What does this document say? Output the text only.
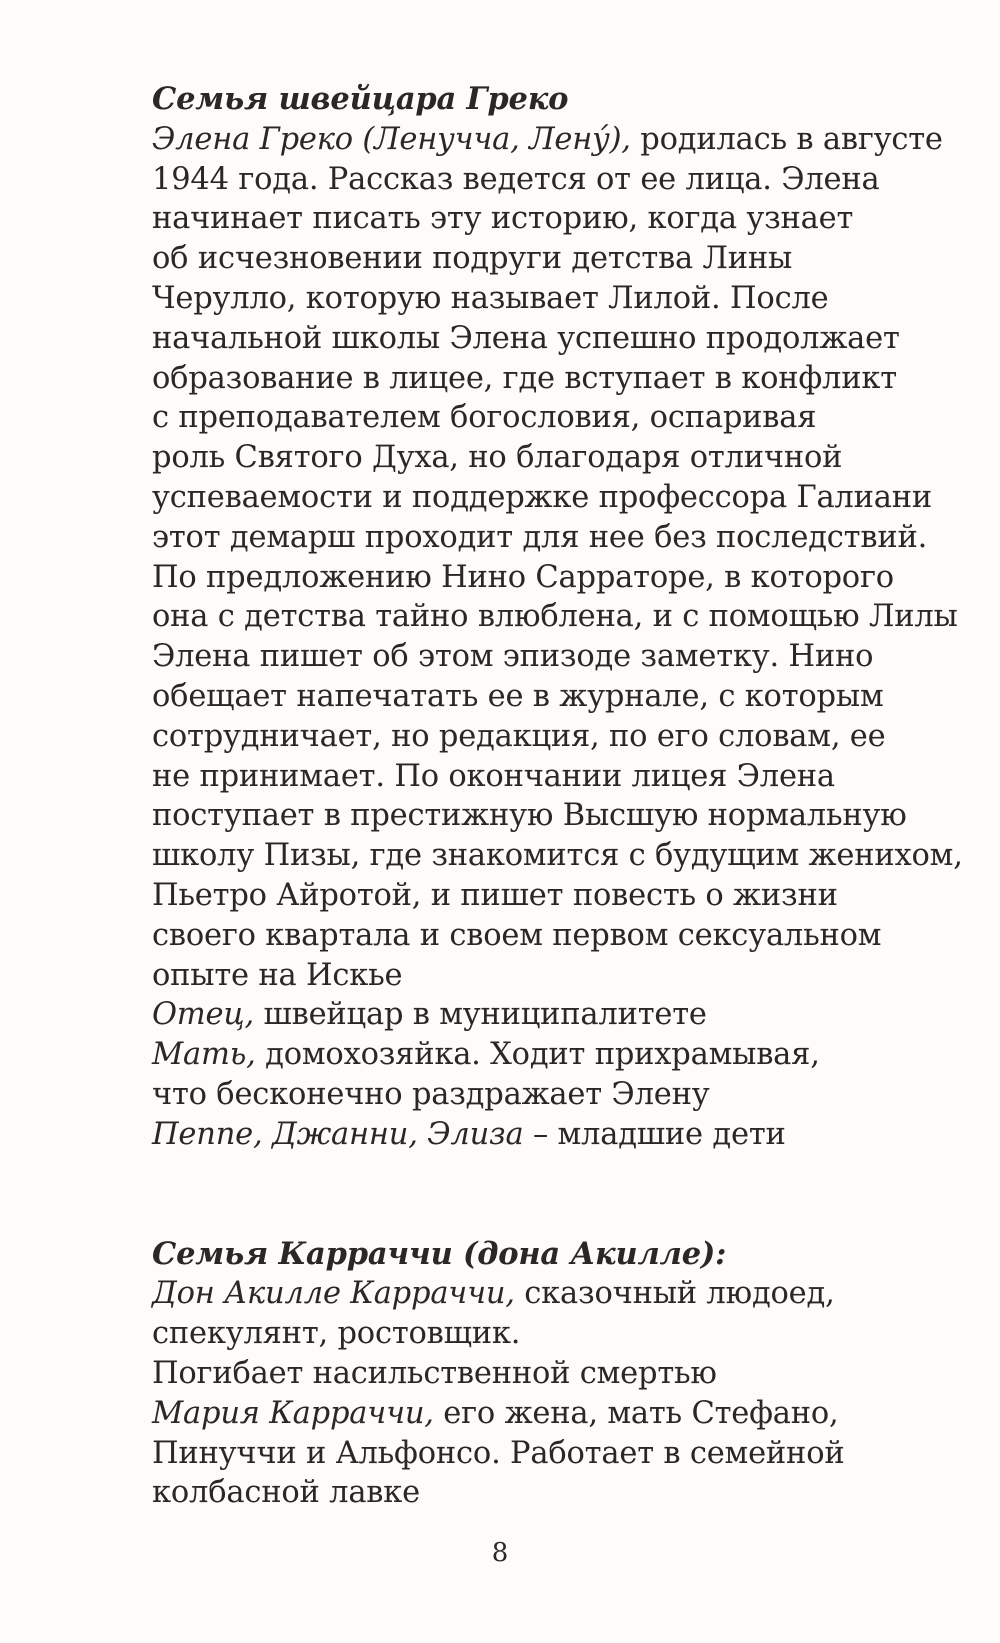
Семья швейцара Греко
Элена Греко (Ленучча, Лену́), родилась в августе
1944 года. Рассказ ведется от ее лица. Элена
начинает писать эту историю, когда узнает
об исчезновении подруги детства Лины
Черулло, которую называет Лилой. После
начальной школы Элена успешно продолжает
образование в лицее, где вступает в конфликт
с преподавателем богословия, оспаривая
роль Святого Духа, но благодаря отличной
успеваемости и поддержке профессора Галиани
этот демарш проходит для нее без последствий.
По предложению Нино Сарраторе, в которого
она с детства тайно влюблена, и с помощью Лилы
Элена пишет об этом эпизоде заметку. Нино
обещает напечатать ее в журнале, с которым
сотрудничает, но редакция, по его словам, ее
не принимает. По окончании лицея Элена
поступает в престижную Высшую нормальную
школу Пизы, где знакомится с будущим женихом,
Пьетро Айротой, и пишет повесть о жизни
своего квартала и своем первом сексуальном
опыте на Искье
Отец, швейцар в муниципалитете
Мать, домохозяйка. Ходит прихрамывая,
что бесконечно раздражает Элену
Пеппе, Джанни, Элиза – младшие дети
Семья Карраччи (дона Акилле):
Дон Акилле Карраччи, сказочный людоед,
спекулянт, ростовщик.
Погибает насильственной смертью
Мария Карраччи, его жена, мать Стефано,
Пинуччи и Альфонсо. Работает в семейной
колбасной лавке
8
